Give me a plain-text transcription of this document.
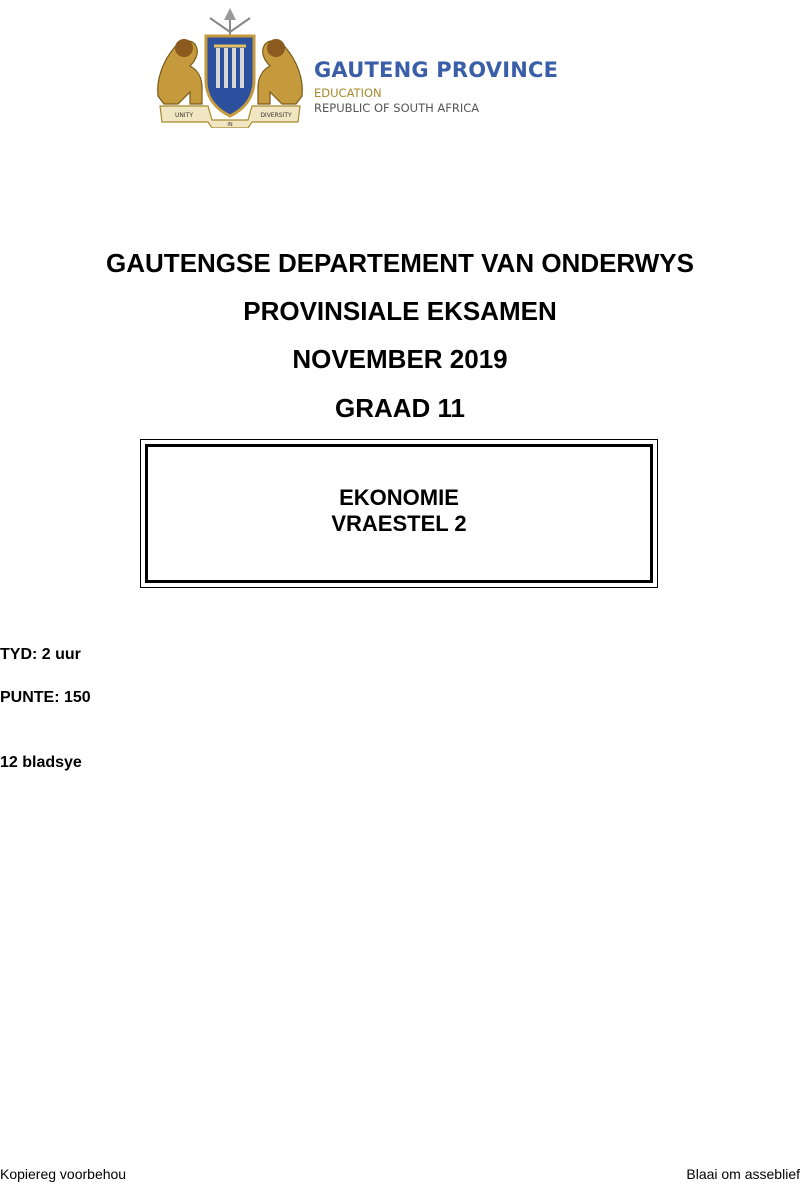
UNITY
IN
DIVERSITY
GAUTENG PROVINCE
EDUCATION
REPUBLIC OF SOUTH AFRICA
GAUTENGSE DEPARTEMENT VAN ONDERWYS
PROVINSIALE EKSAMEN
NOVEMBER 2019
GRAAD 11
EKONOMIE
VRAESTEL 2
TYD: 2 uur
PUNTE: 150
12 bladsye
Kopiereg voorbehou	Blaai om asseblief
